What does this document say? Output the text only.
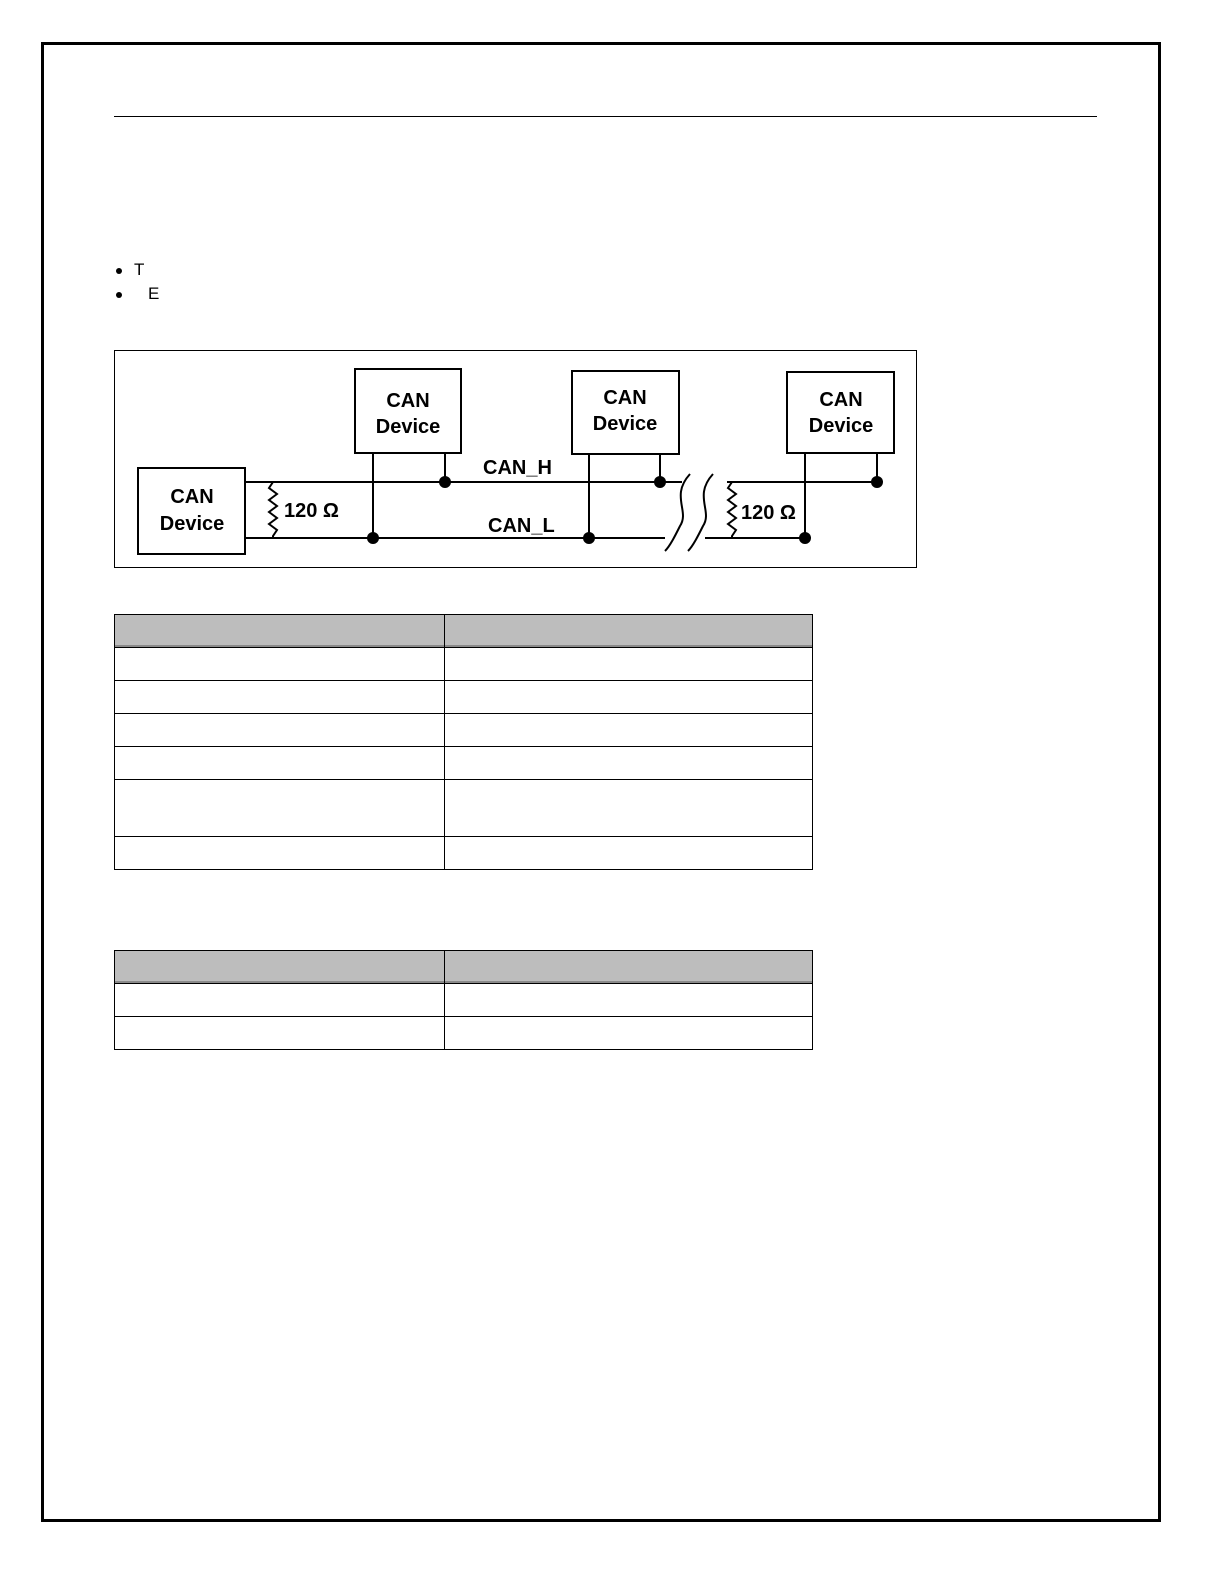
T
E
CAN
Device
CAN
Device
CAN
Device
CAN
Device
CAN_H
CAN_L
120 Ω	120 Ω
